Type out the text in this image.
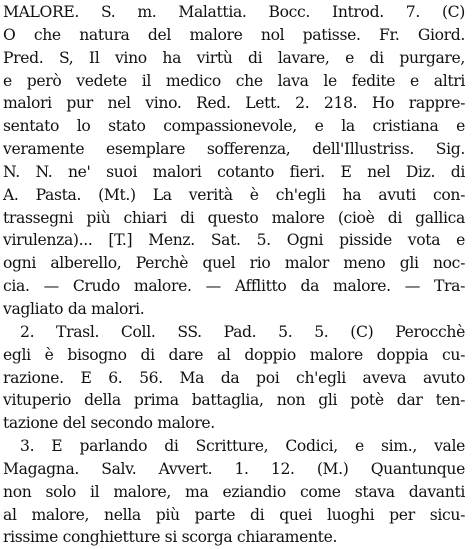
MALORE. S. m. Malattia. Bocc. Introd. 7. (C)
O che natura del malore nol patisse. Fr. Giord.
Pred. S, Il vino ha virtù di lavare, e di purgare,
e però vedete il medico che lava le fedite e altri
malori pur nel vino. Red. Lett. 2. 218. Ho rappre-
sentato lo stato compassionevole, e la cristiana e
veramente esemplare sofferenza, dell'Illustriss. Sig.
N. N. ne' suoi malori cotanto fieri. E nel Diz. di
A. Pasta. (Mt.) La verità è ch'egli ha avuti con-
trassegni più chiari di questo malore (cioè di gallica
virulenza)... [T.] Menz. Sat. 5. Ogni pisside vota e
ogni alberello, Perchè quel rio malor meno gli noc-
cia. — Crudo malore. — Afflitto da malore. — Tra-
vagliato da malori.
2. Trasl. Coll. SS. Pad. 5. 5. (C) Perocchè
egli è bisogno di dare al doppio malore doppia cu-
razione. E 6. 56. Ma da poi ch'egli aveva avuto
vituperio della prima battaglia, non gli potè dar ten-
tazione del secondo malore.
3. E parlando di Scritture, Codici, e sim., vale
Magagna. Salv. Avvert. 1. 12. (M.) Quantunque
non solo il malore, ma eziandio come stava davanti
al malore, nella più parte di quei luoghi per sicu-
rissime conghietture si scorga chiaramente.
